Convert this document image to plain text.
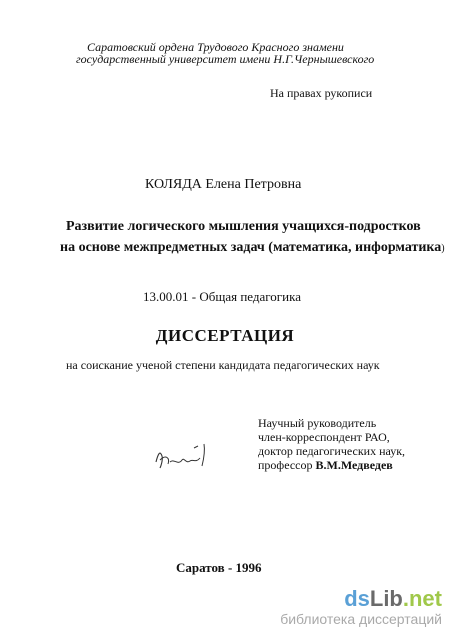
Саратовский ордена Трудового Красного знамени
государственный университет имени Н.Г.Чернышевского
На правах рукописи
КОЛЯДА Елена Петровна
Развитие логического мышления учащихся-подростков
на основе межпредметных задач (математика, информатика)
13.00.01 - Общая педагогика
ДИССЕРТАЦИЯ
на соискание ученой степени кандидата педагогических наук
Научный руководитель
член-корреспондент РАО,
доктор педагогических наук,
профессор В.М.Медведев
Саратов - 1996
dsLib.net
библиотека диссертаций
